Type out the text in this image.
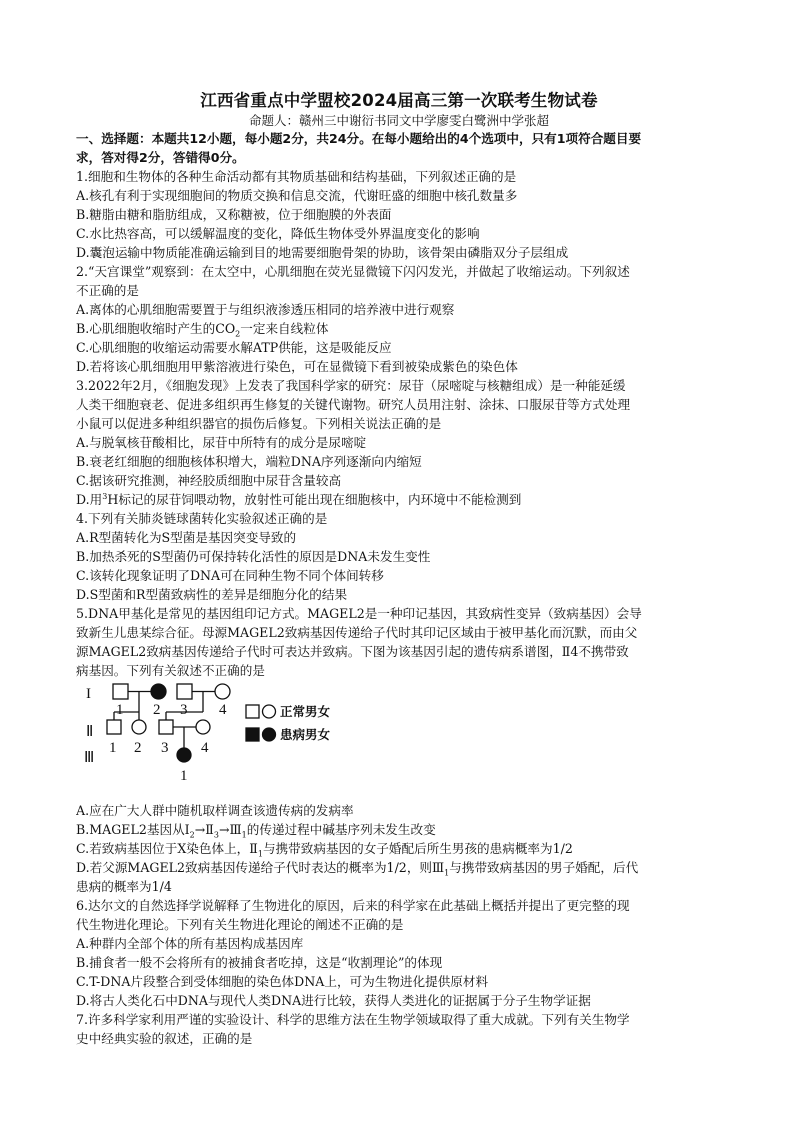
江西省重点中学盟校2024届高三第一次联考生物试卷
命题人：赣州三中谢衍书同文中学廖雯白鹭洲中学张超
一、选择题：本题共12小题，每小题2分，共24分。在每小题给出的4个选项中，只有1项符合题目要
求，答对得2分，答错得0分。

1.细胞和生物体的各种生命活动都有其物质基础和结构基础，下列叙述正确的是

A.核孔有利于实现细胞间的物质交换和信息交流，代谢旺盛的细胞中核孔数量多

B.糖脂由糖和脂肪组成，又称糖被，位于细胞膜的外表面

C.水比热容高，可以缓解温度的变化，降低生物体受外界温度变化的影响

D.囊泡运输中物质能准确运输到目的地需要细胞骨架的协助，该骨架由磷脂双分子层组成

2.“天宫课堂”观察到：在太空中，心肌细胞在荧光显微镜下闪闪发光，并做起了收缩运动。下列叙述

不正确的是

A.离体的心肌细胞需要置于与组织液渗透压相同的培养液中进行观察

B.心肌细胞收缩时产生的$CO_2$一定来自线粒体

C.心肌细胞的收缩运动需要水解ATP供能，这是吸能反应

D.若将该心肌细胞用甲紫溶液进行染色，可在显微镜下看到被染成紫色的染色体

3.2022年2月，《细胞发现》上发表了我国科学家的研究：尿苷（尿嘧啶与核糖组成）是一种能延缓

人类干细胞衰老、促进多组织再生修复的关键代谢物。研究人员用注射、涂抹、口服尿苷等方式处理

小鼠可以促进多种组织器官的损伤后修复。下列相关说法正确的是

A.与脱氧核苷酸相比，尿苷中所特有的成分是尿嘧啶

B.衰老红细胞的细胞核体积增大，端粒DNA序列逐渐向内缩短

C.据该研究推测，神经胶质细胞中尿苷含量较高

D.用$^3$H标记的尿苷饲喂动物，放射性可能出现在细胞核中，内环境中不能检测到

4.下列有关肺炎链球菌转化实验叙述正确的是

A.R型菌转化为S型菌是基因突变导致的

B.加热杀死的S型菌仍可保持转化活性的原因是DNA未发生变性

C.该转化现象证明了DNA可在同种生物不同个体间转移

D.S型菌和R型菌致病性的差异是细胞分化的结果

5.DNA甲基化是常见的基因组印记方式。MAGEL2是一种印记基因，其致病性变异（致病基因）会导

致新生儿患某综合征。母源MAGEL2致病基因传递给子代时其印记区域由于被甲基化而沉默，而由父

源MAGEL2致病基因传递给子代时可表达并致病。下图为该基因引起的遗传病系谱图，Ⅱ4不携带致

病基因。下列有关叙述不正确的是

I
Ⅱ
Ⅲ
1 2 3 4
1 2 3 4
1
正常男女
患病男女

A.应在广大人群中随机取样调查该遗传病的发病率

B.MAGEL2基因从$I_2\to Ⅱ_3\to Ⅲ_1$的传递过程中碱基序列未发生改变

C.若致病基因位于X染色体上，$Ⅱ_1$与携带致病基因的女子婚配后所生男孩的患病概率为1/2

D.若父源MAGEL2致病基因传递给子代时表达的概率为1/2，则$Ⅲ_1$与携带致病基因的男子婚配，后代

患病的概率为1/4

6.达尔文的自然选择学说解释了生物进化的原因，后来的科学家在此基础上概括并提出了更完整的现

代生物进化理论。下列有关生物进化理论的阐述不正确的是

A.种群内全部个体的所有基因构成基因库

B.捕食者一般不会将所有的被捕食者吃掉，这是“收割理论”的体现

C.T-DNA片段整合到受体细胞的染色体DNA上，可为生物进化提供原材料

D.将古人类化石中DNA与现代人类DNA进行比较，获得人类进化的证据属于分子生物学证据

7.许多科学家利用严谨的实验设计、科学的思维方法在生物学领域取得了重大成就。下列有关生物学

史中经典实验的叙述，正确的是
